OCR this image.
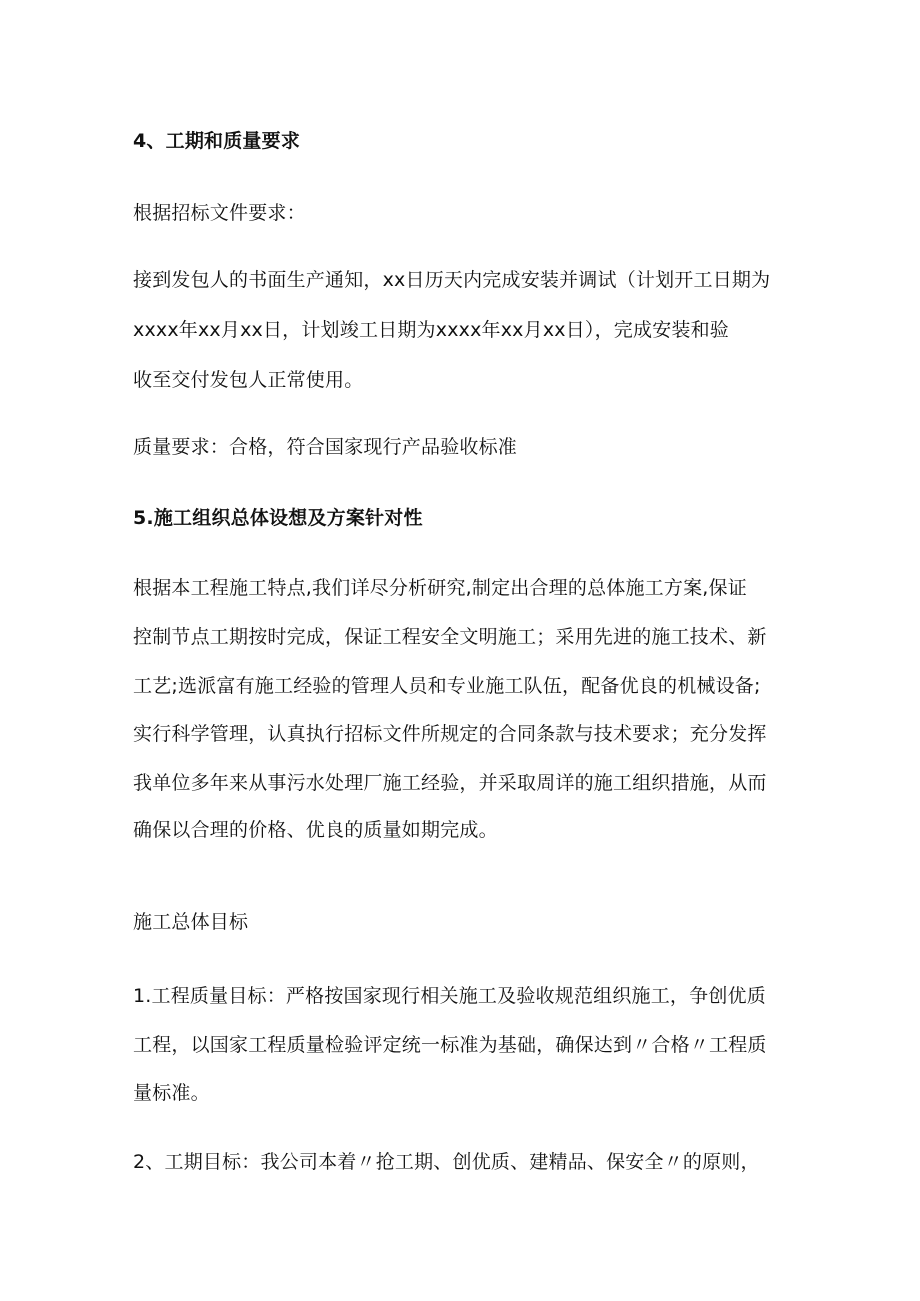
4、工期和质量要求
根据招标文件要求：
接到发包人的书面生产通知，xx日历天内完成安装并调试（计划开工日期为
xxxx年xx月xx日，计划竣工日期为xxxx年xx月xx日），完成安装和验
收至交付发包人正常使用。
质量要求：合格，符合国家现行产品验收标准
5.施工组织总体设想及方案针对性
根据本工程施工特点,我们详尽分析研究,制定出合理的总体施工方案,保证
控制节点工期按时完成，保证工程安全文明施工；采用先进的施工技术、新
工艺;选派富有施工经验的管理人员和专业施工队伍，配备优良的机械设备;
实行科学管理，认真执行招标文件所规定的合同条款与技术要求；充分发挥
我单位多年来从事污水处理厂施工经验，并采取周详的施工组织措施，从而
确保以合理的价格、优良的质量如期完成。
施工总体目标
1.工程质量目标：严格按国家现行相关施工及验收规范组织施工，争创优质
工程，以国家工程质量检验评定统一标准为基础，确保达到〃合格〃工程质
量标准。
2、工期目标：我公司本着〃抢工期、创优质、建精品、保安全〃的原则，
